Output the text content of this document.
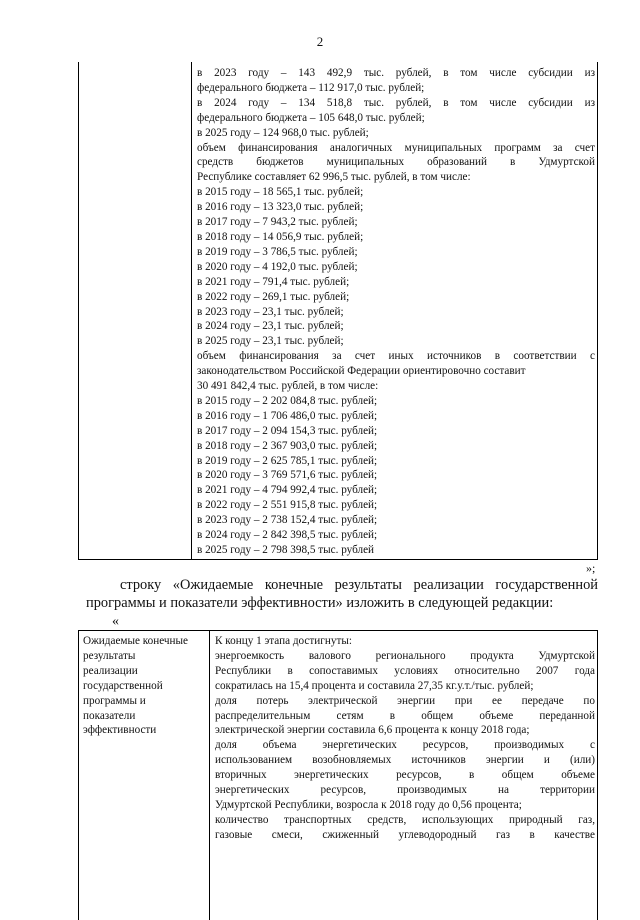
2
в 2023 году – 143 492,9 тыс. рублей, в том числе субсидии из
федерального бюджета – 112 917,0 тыс. рублей;
в 2024 году – 134 518,8 тыс. рублей, в том числе субсидии из
федерального бюджета – 105 648,0 тыс. рублей;
в 2025 году – 124 968,0 тыс. рублей;
объем финансирования аналогичных муниципальных программ за счет
средств бюджетов муниципальных образований в Удмуртской
Республике составляет 62 996,5 тыс. рублей, в том числе:
в 2015 году – 18 565,1 тыс. рублей;
в 2016 году – 13 323,0 тыс. рублей;
в 2017 году – 7 943,2 тыс. рублей;
в 2018 году – 14 056,9 тыс. рублей;
в 2019 году – 3 786,5 тыс. рублей;
в 2020 году – 4 192,0 тыс. рублей;
в 2021 году – 791,4 тыс. рублей;
в 2022 году – 269,1 тыс. рублей;
в 2023 году – 23,1 тыс. рублей;
в 2024 году – 23,1 тыс. рублей;
в 2025 году – 23,1 тыс. рублей;
объем финансирования за счет иных источников в соответствии с
законодательством Российской Федерации ориентировочно составит
30 491 842,4 тыс. рублей, в том числе:
в 2015 году – 2 202 084,8 тыс. рублей;
в 2016 году – 1 706 486,0 тыс. рублей;
в 2017 году – 2 094 154,3 тыс. рублей;
в 2018 году – 2 367 903,0 тыс. рублей;
в 2019 году – 2 625 785,1 тыс. рублей;
в 2020 году – 3 769 571,6 тыс. рублей;
в 2021 году – 4 794 992,4 тыс. рублей;
в 2022 году – 2 551 915,8 тыс. рублей;
в 2023 году – 2 738 152,4 тыс. рублей;
в 2024 году – 2 842 398,5 тыс. рублей;
в 2025 году – 2 798 398,5 тыс. рублей
»;
строку «Ожидаемые конечные результаты реализации государственной
программы и показатели эффективности» изложить в следующей редакции:
«
Ожидаемые конечные
результаты
реализации
государственной
программы и
показатели
эффективности
К концу 1 этапа достигнуты:
энергоемкость валового регионального продукта Удмуртской
Республики в сопоставимых условиях относительно 2007 года
сократилась на 15,4 процента и составила 27,35 кг.у.т./тыс. рублей;
доля потерь электрической энергии при ее передаче по
распределительным сетям в общем объеме переданной
электрической энергии составила 6,6 процента к концу 2018 года;
доля объема энергетических ресурсов, производимых с
использованием возобновляемых источников энергии и (или)
вторичных энергетических ресурсов, в общем объеме
энергетических ресурсов, производимых на территории
Удмуртской Республики, возросла к 2018 году до 0,56 процента;
количество транспортных средств, использующих природный газ,
газовые смеси, сжиженный углеводородный газ в качестве
